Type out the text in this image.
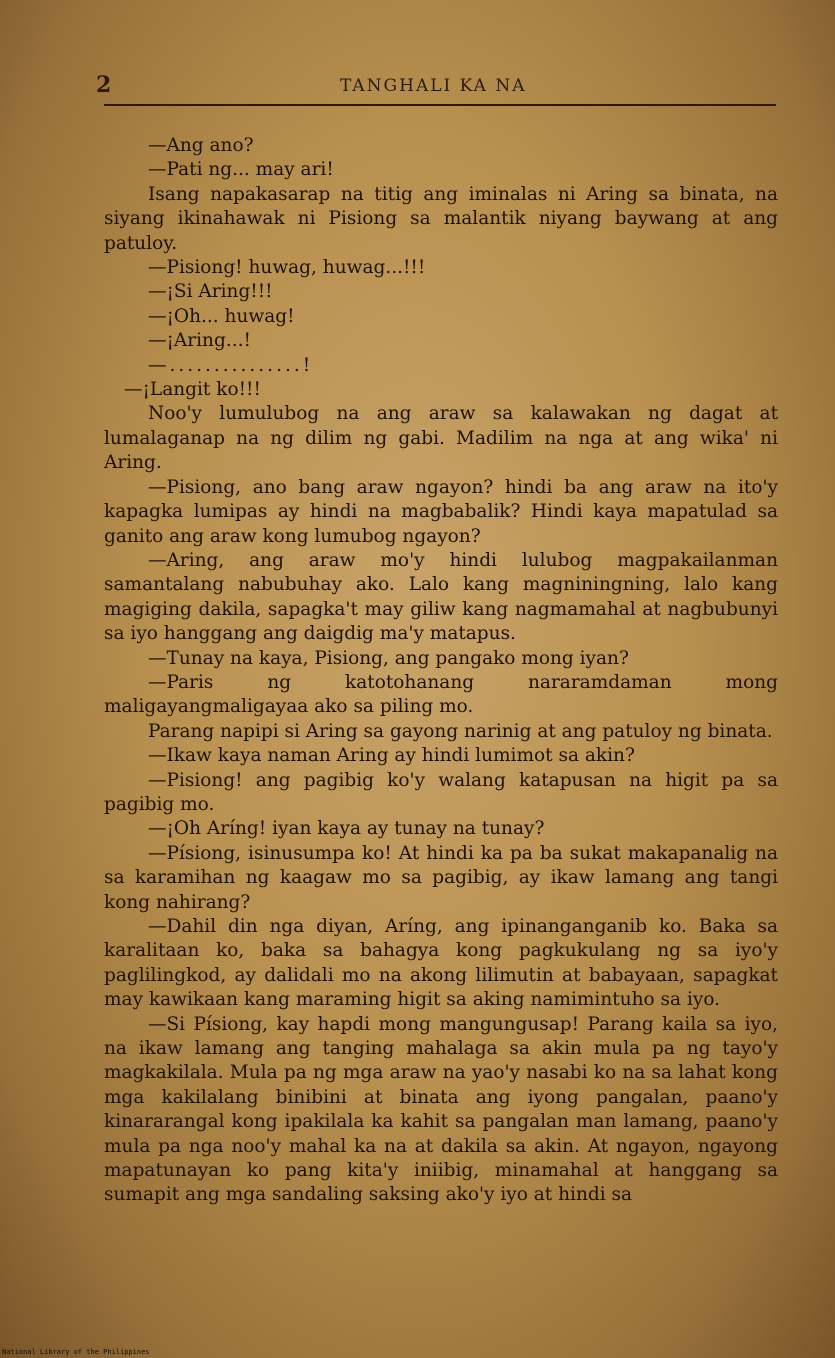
2	TANGHALI KA NA

—Ang ano?

—Pati ng... may ari!

Isang napakasarap na titig ang iminalas ni Aring sa binata, na siyang ikinahawak ni Pisiong sa malantik niyang baywang at ang patuloy.

—Pisiong! huwag, huwag...!!!

—¡Si Aring!!!

—¡Oh... huwag!

—¡Aring...!

—...............!

—¡Langit ko!!!

Noo'y lumulubog na ang araw sa kalawakan ng dagat at lumalaganap na ng dilim ng gabi. Madilim na nga at ang wika' ni Aring.

—Pisiong, ano bang araw ngayon? hindi ba ang araw na ito'y kapagka lumipas ay hindi na magbabalik? Hindi kaya mapatulad sa ganito ang araw kong lumubog ngayon?

—Aring, ang araw mo'y hindi lulubog magpakailanman samantalang nabubuhay ako. Lalo kang magniningning, lalo kang magiging dakila, sapagka't may giliw kang nagmamahal at nagbubunyi sa iyo hanggang ang daigdig ma'y matapus.

—Tunay na kaya, Pisiong, ang pangako mong iyan?

—Paris ng katotohanang nararamdaman mong maligayangmaligayaa ako sa piling mo.

Parang napipi si Aring sa gayong narinig at ang patuloy ng binata.

—Ikaw kaya naman Aring ay hindi lumimot sa akin?

—Pisiong! ang pagibig ko'y walang katapusan na higit pa sa pagibig mo.

—¡Oh Aríng! iyan kaya ay tunay na tunay?

—Písiong, isinusumpa ko! At hindi ka pa ba sukat makapanalig na sa karamihan ng kaagaw mo sa pagibig, ay ikaw lamang ang tangi kong nahirang?

—Dahil din nga diyan, Aríng, ang ipinanganganib ko. Baka sa karalitaan ko, baka sa bahagya kong pagkukulang ng sa iyo'y paglilingkod, ay dalidali mo na akong lilimutin at babayaan, sapagkat may kawikaan kang maraming higit sa aking namimintuho sa iyo.

—Si Písiong, kay hapdi mong mangungusap! Parang kaila sa iyo, na ikaw lamang ang tanging mahalaga sa akin mula pa ng tayo'y magkakilala. Mula pa ng mga araw na yao'y nasabi ko na sa lahat kong mga kakilalang binibini at binata ang iyong pangalan, paano'y kinararangal kong ipakilala ka kahit sa pangalan man lamang, paano'y mula pa nga noo'y mahal ka na at dakila sa akin. At ngayon, ngayong mapatunayan ko pang kita'y iniibig, minamahal at hanggang sa sumapit ang mga sandaling saksing ako'y iyo at hindi sa

National Library of the Philippines
